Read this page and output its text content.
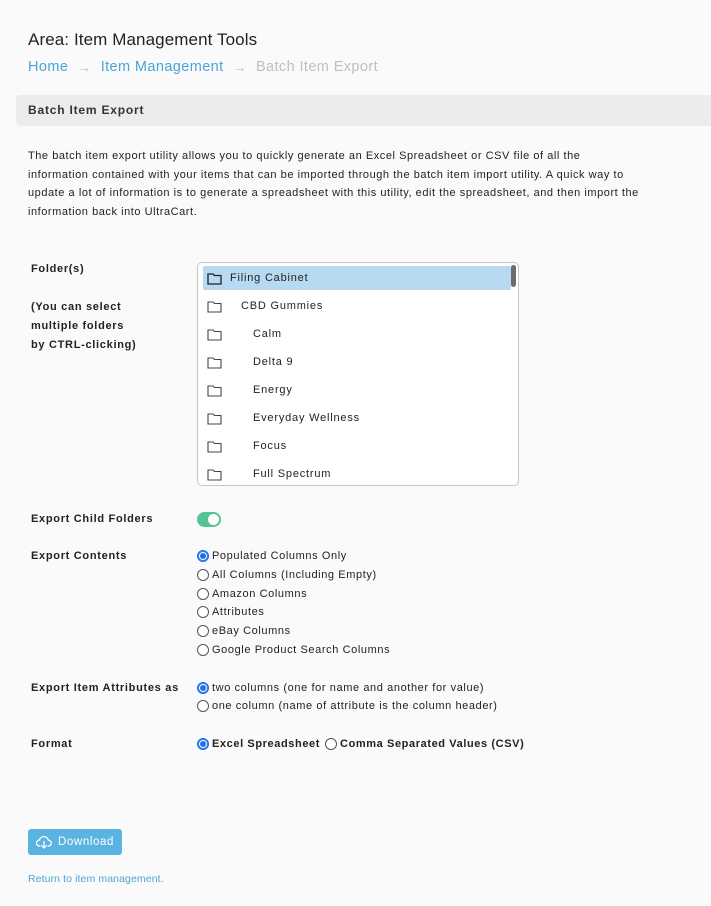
Area: Item Management Tools
Home → Item Management → Batch Item Export
Batch Item Export
The batch item export utility allows you to quickly generate an Excel Spreadsheet or CSV file of all the information contained with your items that can be imported through the batch item import utility. A quick way to update a lot of information is to generate a spreadsheet with this utility, edit the spreadsheet, and then import the information back into UltraCart.
Folder(s)
(You can select
multiple folders
by CTRL-clicking)
Filing Cabinet
CBD Gummies
Calm
Delta 9
Energy
Everyday Wellness
Focus
Full Spectrum
Export Child Folders
Export Contents	Populated Columns Only
All Columns (Including Empty)
Amazon Columns
Attributes
eBay Columns
Google Product Search Columns
Export Item Attributes as	two columns (one for name and another for value)
one column (name of attribute is the column header)
Format	Excel Spreadsheet Comma Separated Values (CSV)
Download
Return to item management.
